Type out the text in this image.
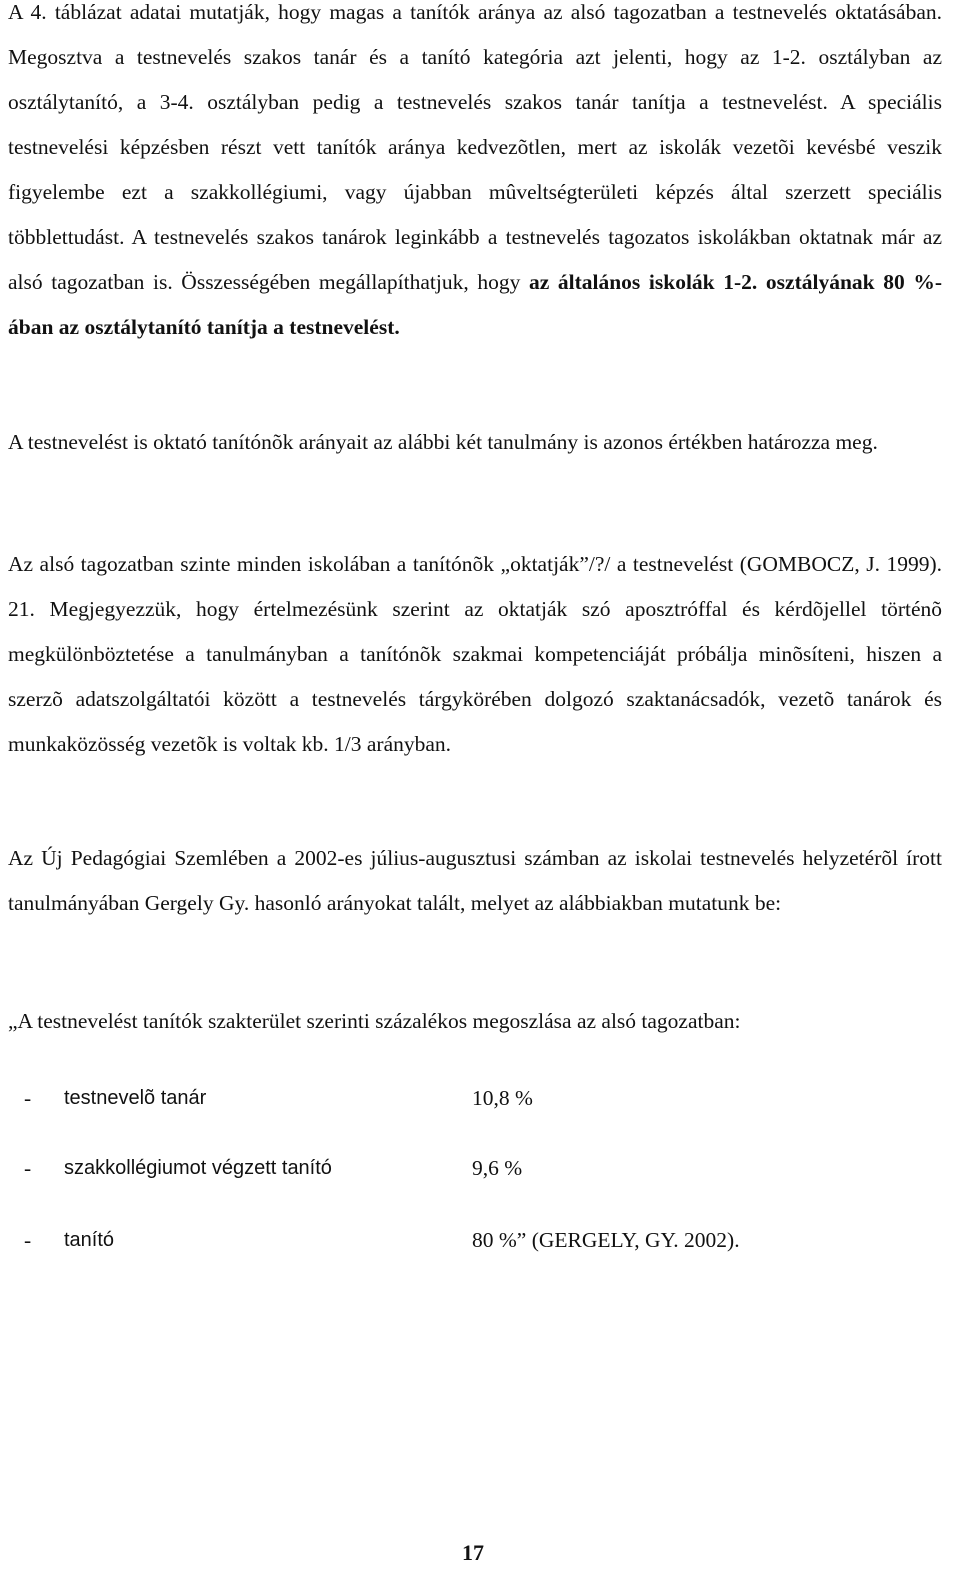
A 4. táblázat adatai mutatják, hogy magas a tanítók aránya az alsó tagozatban a testnevelés oktatásában. Megosztva a testnevelés szakos tanár és a tanító kategória azt jelenti, hogy az 1-2. osztályban az osztálytanító, a 3-4. osztályban pedig a testnevelés szakos tanár tanítja a testnevelést. A speciális testnevelési képzésben részt vett tanítók aránya kedvezõtlen, mert az iskolák vezetõi kevésbé veszik figyelembe ezt a szakkollégiumi, vagy újabban mûveltségterületi képzés által szerzett speciális többlettudást. A testnevelés szakos tanárok leginkább a testnevelés tagozatos iskolákban oktatnak már az alsó tagozatban is. Összességében megállapíthatjuk, hogy az általános iskolák 1-2. osztályának 80 %-ában az osztálytanító tanítja a testnevelést.

A testnevelést is oktató tanítónõk arányait az alábbi két tanulmány is azonos értékben határozza meg.

Az alsó tagozatban szinte minden iskolában a tanítónõk „oktatják”/?/ a testnevelést (GOMBOCZ, J. 1999). 21. Megjegyezzük, hogy értelmezésünk szerint az oktatják szó aposztróffal és kérdõjellel történõ megkülönböztetése a tanulmányban a tanítónõk szakmai kompetenciáját próbálja minõsíteni, hiszen a szerzõ adatszolgáltatói között a testnevelés tárgykörében dolgozó szaktanácsadók, vezetõ tanárok és munkaközösség vezetõk is voltak kb. 1/3 arányban.

Az Új Pedagógiai Szemlében a 2002-es július-augusztusi számban az iskolai testnevelés helyzetérõl írott tanulmányában Gergely Gy. hasonló arányokat talált, melyet az alábbiakban mutatunk be:

„A testnevelést tanítók szakterület szerinti százalékos megoszlása az alsó tagozatban:

- testnevelõ tanár	10,8 %
- szakkollégiumot végzett tanító	9,6 %
- tanító	80 %” (GERGELY, GY. 2002).
17
